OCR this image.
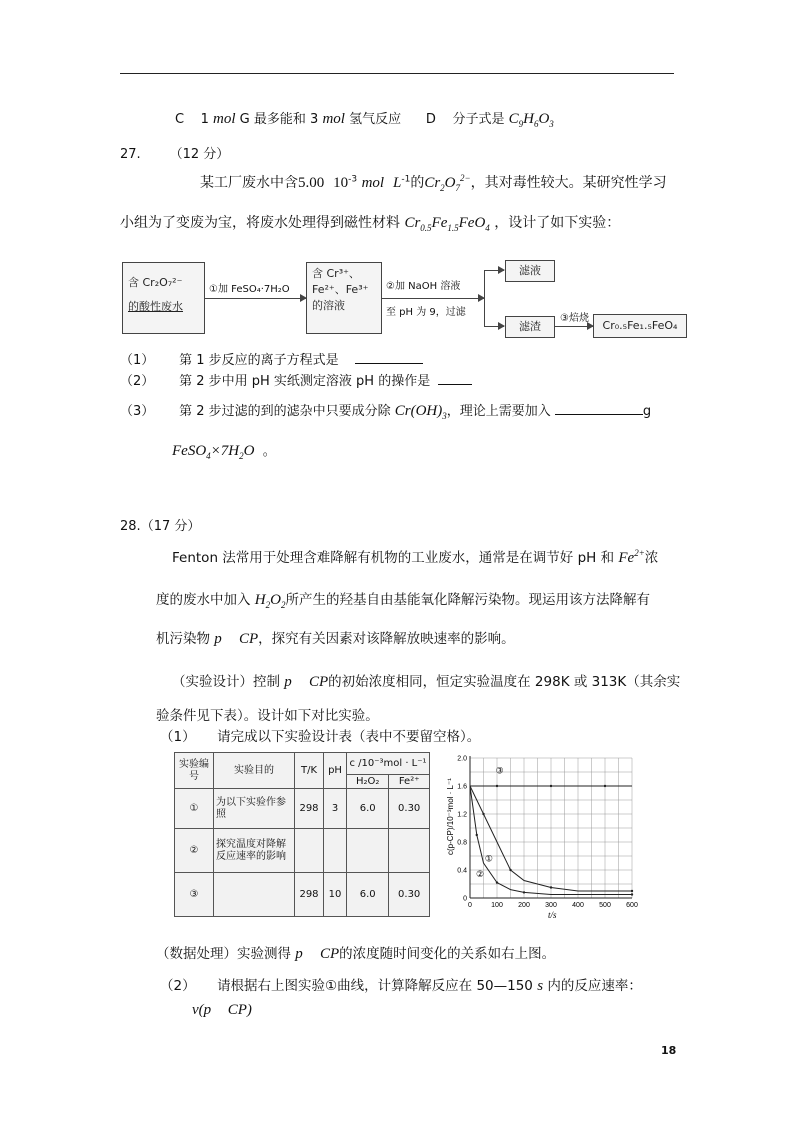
C 1 mol G 最多能和 3 mol 氢气反应 D 分子式是 $C_9H_6O_3$
27. （12 分）
某工厂废水中含5.00 $10^{-3}$ mol $L^{-1}$的$Cr_2O_7^{2-}$，其对毒性较大。某研究性学习
小组为了变废为宝，将废水处理得到磁性材料 $Cr_{0.5}Fe_{1.5}FeO_4$ ，设计了如下实验：
含 Cr₂O₇²⁻
的酸性废水
①加 FeSO₄·7H₂O
含 Cr³⁺、
Fe²⁺、Fe³⁺
的溶液
②加 NaOH 溶液
至 pH 为 9，过滤
滤液
滤渣
③焙烧
Cr₀.₅Fe₁.₅FeO₄
（1） 第 1 步反应的离子方程式是
（2） 第 2 步中用 pH 实纸测定溶液 pH 的操作是
（3） 第 2 步过滤的到的滤杂中只要成分除 $Cr(OH)_3$，理论上需要加入	g
$FeSO_4\times 7H_2O$ 。
28.（17 分）
Fenton 法常用于处理含难降解有机物的工业废水，通常是在调节好 pH 和 $Fe^{2+}$浓
度的废水中加入 $H_2O_2$所产生的羟基自由基能氧化降解污染物。现运用该方法降解有
机污染物 p CP，探究有关因素对该降解放映速率的影响。
（实验设计）控制 p CP的初始浓度相同，恒定实验温度在 298K 或 313K（其余实
验条件见下表）。设计如下对比实验。
（1） 请完成以下实验设计表（表中不要留空格）。
实验编号	实验目的	T/K	pH	c /10⁻³mol · L⁻¹	
				H₂O₂	Fe²⁺
①	为以下实验作参照	298	3	6.0	0.30
②	探究温度对降解反应速率的影响				
③		298	10	6.0	0.30
③
①
②
0	100 200 300 400 500 600
0
0.4
0.8
1.2
1.6
2.0
c(p-CP)/10⁻³mol · L⁻¹
t/s
（数据处理）实验测得 p CP的浓度随时间变化的关系如右上图。
（2） 请根据右上图实验①曲线，计算降解反应在 50—150 s 内的反应速率：
v(p CP)
18
